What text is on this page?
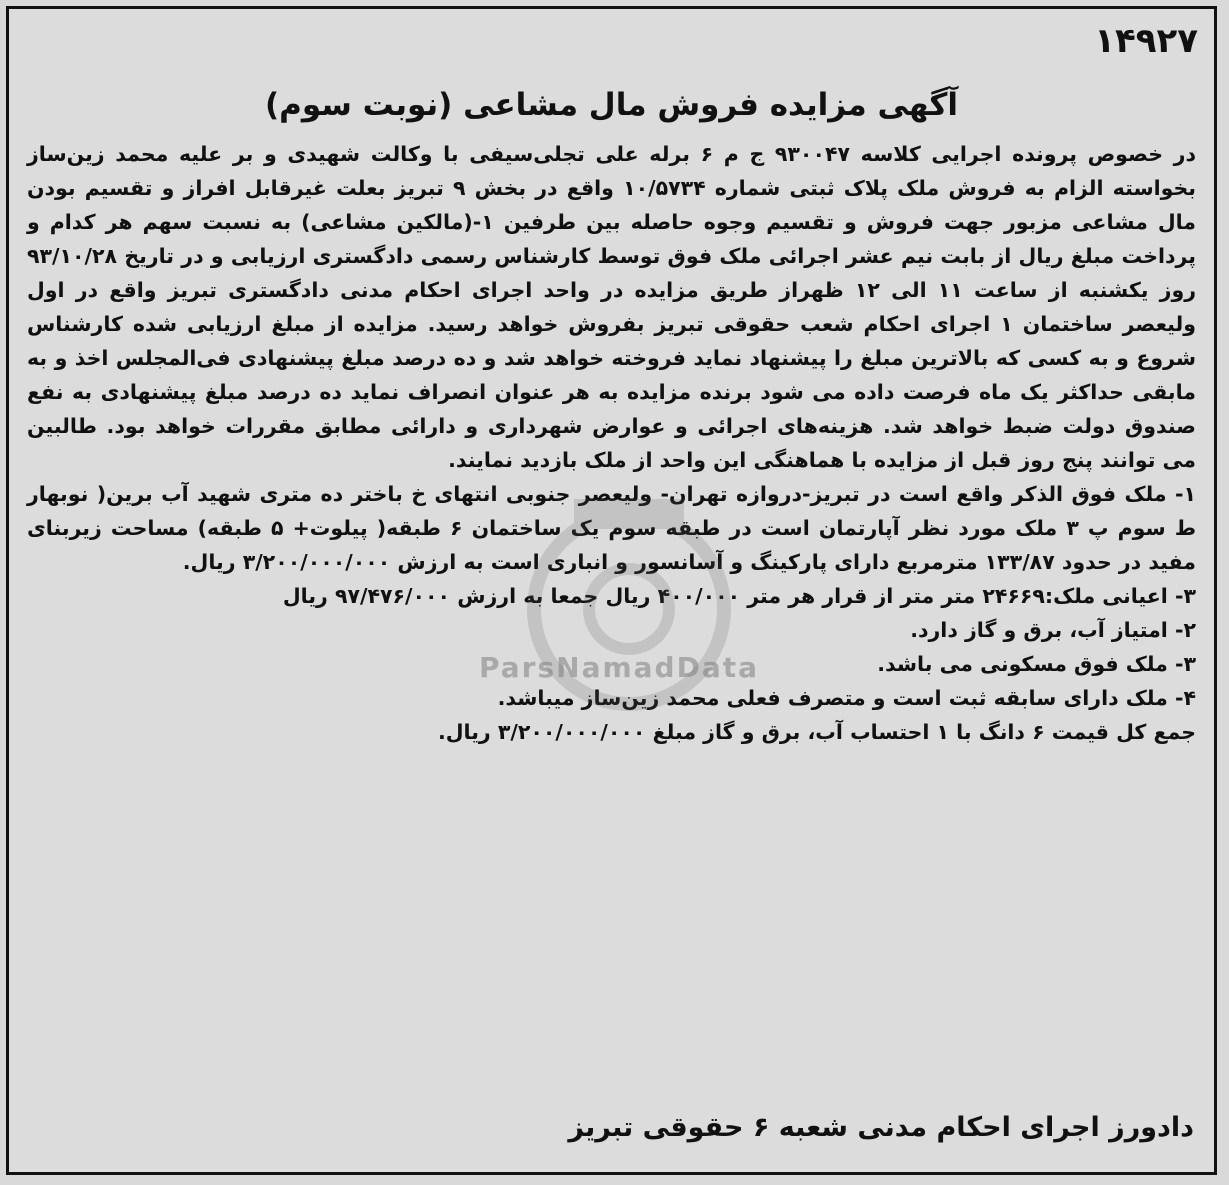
۱۴۹۲۷
آگهی مزایده فروش مال مشاعی (نوبت سوم)

در خصوص پرونده اجرایی کلاسه ۹۳۰۰۴۷ ج م ۶ برله علی تجلی‌سیفی با وکالت شهیدی و بر علیه محمد زین‌ساز بخواسته الزام به فروش ملک پلاک ثبتی شماره ۱۰/۵۷۳۴ واقع در بخش ۹ تبریز بعلت غیرقابل افراز و تقسیم بودن مال مشاعی مزبور جهت فروش و تقسیم وجوه حاصله بین طرفین ۱-(مالکین مشاعی) به نسبت سهم هر کدام و پرداخت مبلغ ریال از بابت نیم عشر اجرائی ملک فوق توسط کارشناس رسمی دادگستری ارزیابی و در تاریخ ۹۳/۱۰/۲۸ روز یکشنبه از ساعت ۱۱ الی ۱۲ ظهراز طریق مزایده در واحد اجرای احکام مدنی دادگستری تبریز واقع در اول ولیعصر ساختمان ۱ اجرای احکام شعب حقوقی تبریز بفروش خواهد رسید. مزایده از مبلغ ارزیابی شده کارشناس شروع و به کسی که بالاترین مبلغ را پیشنهاد نماید فروخته خواهد شد و ده درصد مبلغ پیشنهادی فی‌المجلس اخذ و به مابقی حداکثر یک ماه فرصت داده می شود برنده مزایده به هر عنوان انصراف نماید ده درصد مبلغ پیشنهادی به نفع صندوق دولت ضبط خواهد شد. هزینه‌های اجرائی و عوارض شهرداری و دارائی مطابق مقررات خواهد بود. طالبین می توانند پنج روز قبل از مزایده با هماهنگی این واحد از ملک بازدید نمایند.

۱- ملک فوق الذکر واقع است در تبریز-دروازه تهران- ولیعصر جنوبی انتهای خ باختر ده متری شهید آب برین( نوبهار ط سوم پ ۳ ملک مورد نظر آپارتمان است در طبقه سوم یک ساختمان ۶ طبقه( پیلوت+ ۵ طبقه) مساحت زیربنای مفید در حدود ۱۳۳/۸۷ مترمربع دارای پارکینگ و آسانسور و انباری است به ارزش ۳/۲۰۰/۰۰۰/۰۰۰ ریال.

۳- اعیانی ملک:۲۴۶۶۹ متر متر از قرار هر متر ۴۰۰/۰۰۰ ریال جمعا به ارزش ۹۷/۴۷۶/۰۰۰ ریال

۲- امتیاز آب، برق و گاز دارد.

۳- ملک فوق مسکونی می باشد.

۴- ملک دارای سابقه ثبت است و متصرف فعلی محمد زین‌ساز میباشد.

جمع کل قیمت ۶ دانگ با ۱ احتساب آب، برق و گاز مبلغ ۳/۲۰۰/۰۰۰/۰۰۰ ریال.

دادورز اجرای احکام مدنی شعبه ۶ حقوقی تبریز
ParsNamadData
